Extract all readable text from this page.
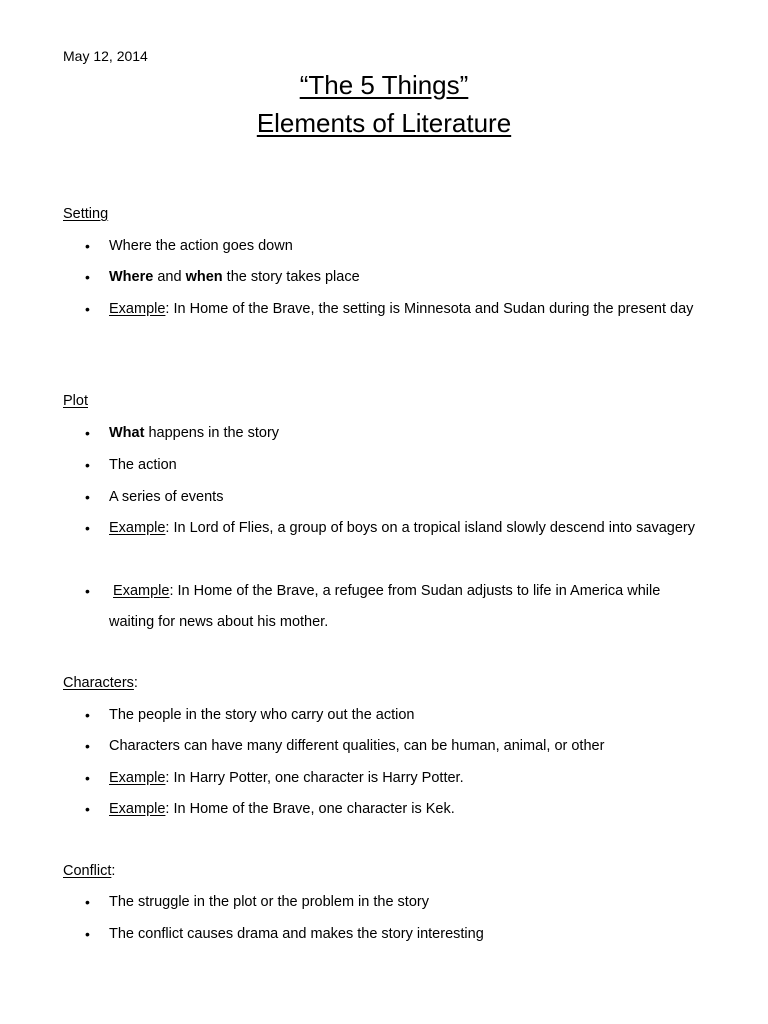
May 12, 2014
“The 5 Things”
Elements of Literature
Setting
• Where the action goes down
• Where and when the story takes place
• Example: In Home of the Brave, the setting is Minnesota and Sudan during the present day
Plot
• What happens in the story
• The action
• A series of events
• Example: In Lord of Flies, a group of boys on a tropical island slowly descend into savagery
• Example: In Home of the Brave, a refugee from Sudan adjusts to life in America while waiting for news about his mother.
Characters:
• The people in the story who carry out the action
• Characters can have many different qualities, can be human, animal, or other
• Example: In Harry Potter, one character is Harry Potter.
• Example: In Home of the Brave, one character is Kek.
Conflict:
• The struggle in the plot or the problem in the story
• The conflict causes drama and makes the story interesting
